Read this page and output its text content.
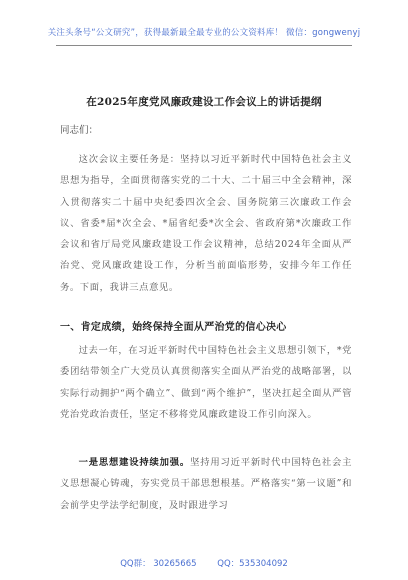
关注头条号“公文研究”，获得最新最全最专业的公文资料库！ 微信：gongwenyj
在2025年度党风廉政建设工作会议上的讲话提纲
同志们：
这次会议主要任务是：坚持以习近平新时代中国特色社会主义思想为指导，全面贯彻落实党的二十大、二十届三中全会精神，深入贯彻落实二十届中央纪委四次全会、国务院第三次廉政工作会议、省委*届*次全会、*届省纪委*次全会、省政府第*次廉政工作会议和省厅局党风廉政建设工作会议精神，总结2024年全面从严治党、党风廉政建设工作，分析当前面临形势，安排今年工作任务。下面，我讲三点意见。
一、肯定成绩，始终保持全面从严治党的信心决心
过去一年，在习近平新时代中国特色社会主义思想引领下，*党委团结带领全广大党员认真贯彻落实全面从严治党的战略部署，以实际行动拥护“两个确立”、做到“两个维护”，坚决扛起全面从严管党治党政治责任，坚定不移将党风廉政建设工作引向深入。
一是思想建设持续加强。坚持用习近平新时代中国特色社会主义思想凝心铸魂，夯实党员干部思想根基。严格落实“第一议题”和会前学史学法学纪制度，及时跟进学习
QQ群： 30265665 QQ：535304092
